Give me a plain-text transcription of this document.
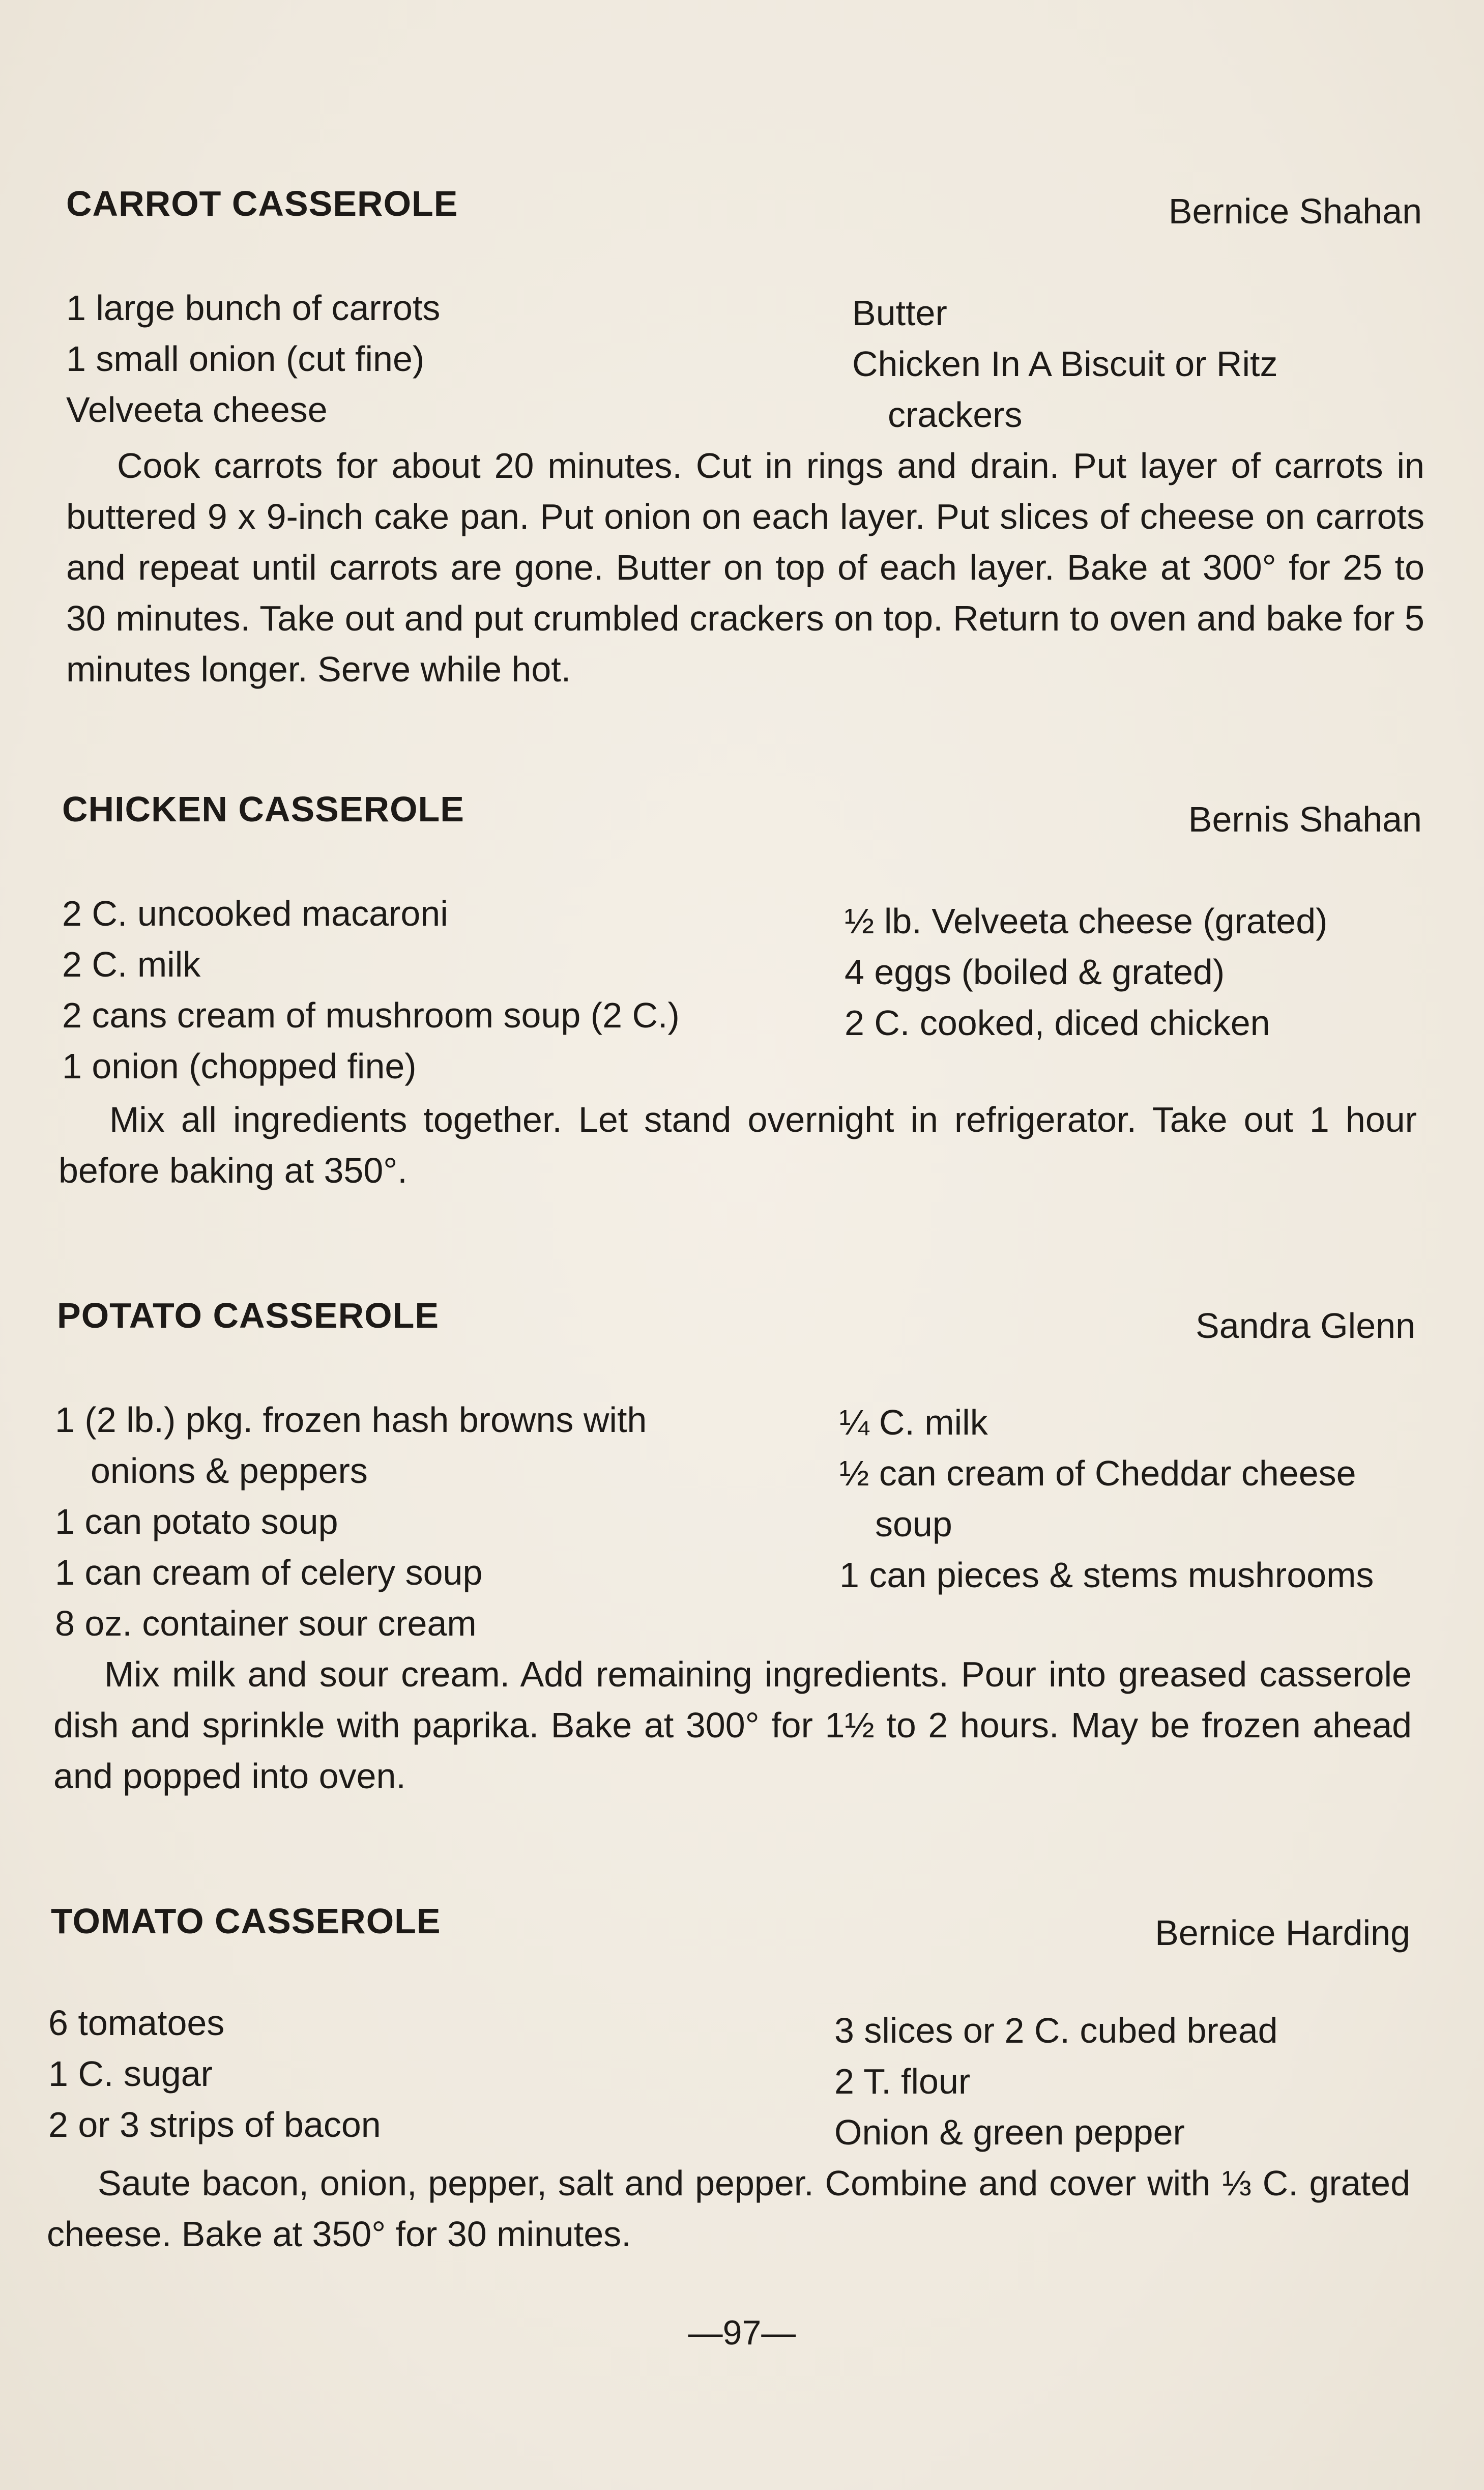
CARROT CASSEROLE	Bernice Shahan
1 large bunch of carrots
1 small onion (cut fine)
Velveeta cheese
Butter
Chicken In A Biscuit or Ritz
crackers
Cook carrots for about 20 minutes. Cut in rings and drain. Put layer of carrots in buttered 9 x 9-inch cake pan. Put onion on each layer. Put slices of cheese on carrots and repeat until carrots are gone. Butter on top of each layer. Bake at 300° for 25 to 30 minutes. Take out and put crumbled crackers on top. Return to oven and bake for 5 minutes longer. Serve while hot.
CHICKEN CASSEROLE	Bernis Shahan
2 C. uncooked macaroni
2 C. milk
2 cans cream of mushroom soup (2 C.)
1 onion (chopped fine)
½ lb. Velveeta cheese (grated)
4 eggs (boiled & grated)
2 C. cooked, diced chicken
Mix all ingredients together. Let stand overnight in refrigerator. Take out 1 hour before baking at 350°.
POTATO CASSEROLE	Sandra Glenn
1 (2 lb.) pkg. frozen hash browns with
onions & peppers
1 can potato soup
1 can cream of celery soup
8 oz. container sour cream
¼ C. milk
½ can cream of Cheddar cheese
soup
1 can pieces & stems mushrooms
Mix milk and sour cream. Add remaining ingredients. Pour into greased casserole dish and sprinkle with paprika. Bake at 300° for 1½ to 2 hours. May be frozen ahead and popped into oven.
TOMATO CASSEROLE	Bernice Harding
6 tomatoes
1 C. sugar
2 or 3 strips of bacon
3 slices or 2 C. cubed bread
2 T. flour
Onion & green pepper
Saute bacon, onion, pepper, salt and pepper. Combine and cover with ⅓ C. grated cheese. Bake at 350° for 30 minutes.
—97—
